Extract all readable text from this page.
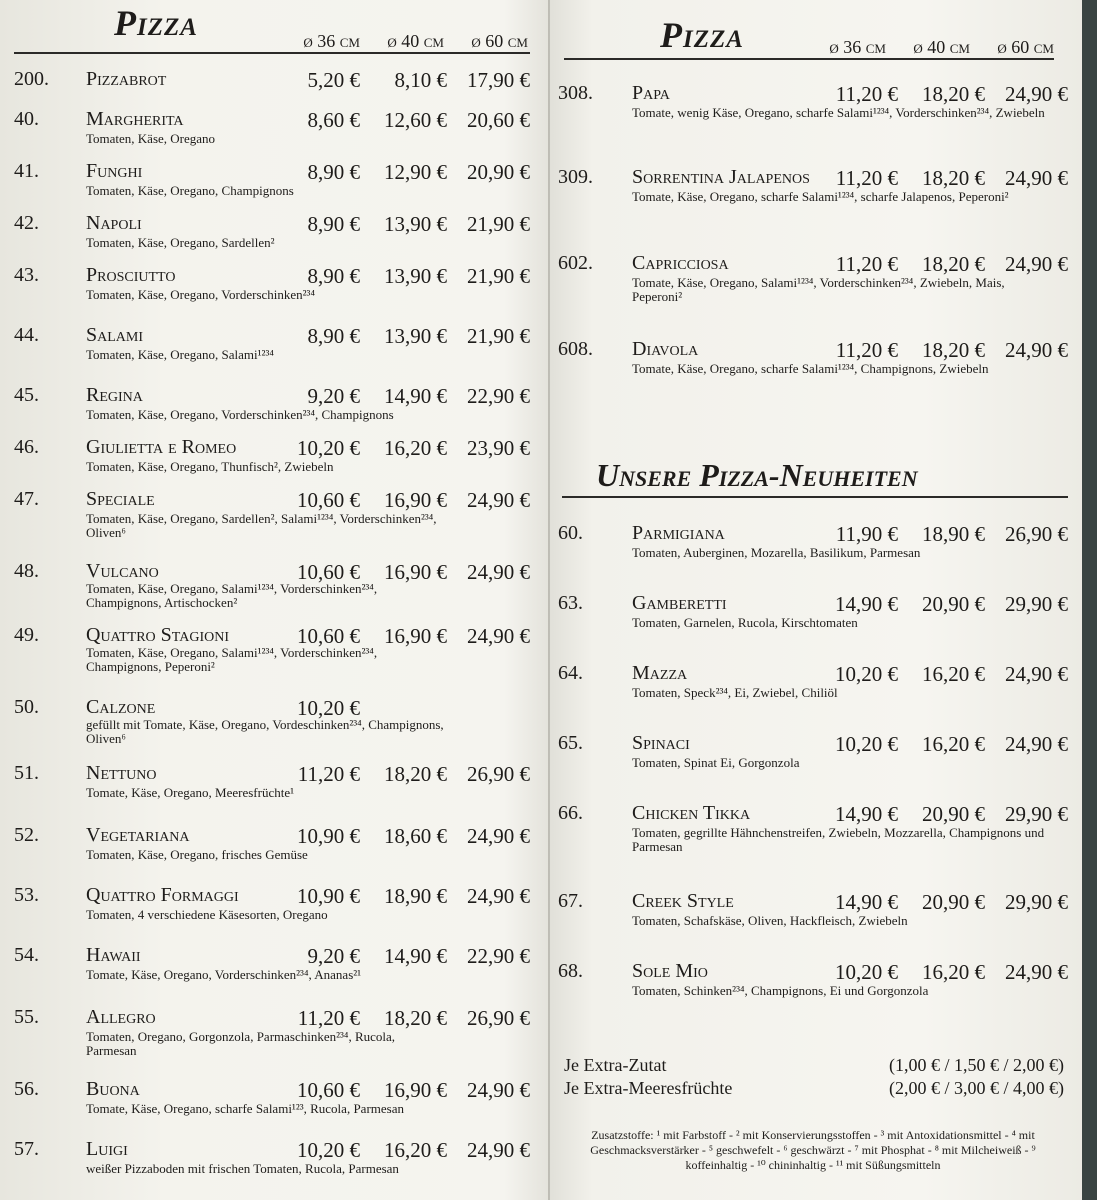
Pizza	ø 36 cm	ø 40 cm	ø 60 cm
200.	Pizzabrot	5,20 €	8,10 € 17,90 €
40.	Margherita
Tomaten, Käse, Oregano
8,60 €	12,60 € 20,60 €
41.	Funghi
Tomaten, Käse, Oregano, Champignons
8,90 €	12,90 € 20,90 €
42.	Napoli
Tomaten, Käse, Oregano, Sardellen²
8,90 €	13,90 € 21,90 €
43.	Prosciutto
Tomaten, Käse, Oregano, Vorderschinken²³⁴
8,90 €	13,90 € 21,90 €
44.	Salami
Tomaten, Käse, Oregano, Salami¹²³⁴
8,90 €	13,90 € 21,90 €
45.	Regina
Tomaten, Käse, Oregano, Vorderschinken²³⁴, Champignons
9,20 €	14,90 € 22,90 €
46.	Giulietta e Romeo
Tomaten, Käse, Oregano, Thunfisch², Zwiebeln
10,20 €	16,20 € 23,90 €
47.	Speciale
Tomaten, Käse, Oregano, Sardellen², Salami¹²³⁴, Vorderschinken²³⁴, Oliven⁶
10,60 €	16,90 € 24,90 €
48.	Vulcano
Tomaten, Käse, Oregano, Salami¹²³⁴, Vorderschinken²³⁴, Champignons, Artischocken²
10,60 €	16,90 € 24,90 €
49.	Quattro Stagioni
Tomaten, Käse, Oregano, Salami¹²³⁴, Vorderschinken²³⁴, Champignons, Peperoni²
10,60 €	16,90 € 24,90 €
50.	Calzone
gefüllt mit Tomate, Käse, Oregano, Vordeschinken²³⁴, Champignons, Oliven⁶
10,20 €
51.	Nettuno
Tomate, Käse, Oregano, Meeresfrüchte¹
11,20 €	18,20 € 26,90 €
52.	Vegetariana
Tomaten, Käse, Oregano, frisches Gemüse
10,90 €	18,60 € 24,90 €
53.	Quattro Formaggi
Tomaten, 4 verschiedene Käsesorten, Oregano
10,90 €	18,90 € 24,90 €
54.	Hawaii
Tomate, Käse, Oregano, Vorderschinken²³⁴, Ananas²¹
9,20 €	14,90 € 22,90 €
55.	Allegro
Tomaten, Oregano, Gorgonzola, Parmaschinken²³⁴, Rucola, Parmesan
11,20 €	18,20 € 26,90 €
56.	Buona
Tomate, Käse, Oregano, scharfe Salami¹²³, Rucola, Parmesan
10,60 €	16,90 € 24,90 €
57.	Luigi
weißer Pizzaboden mit frischen Tomaten, Rucola, Parmesan
10,20 €	16,20 € 24,90 €
Pizza	ø 36 cm	ø 40 cm	ø 60 cm
308.	Papa
Tomate, wenig Käse, Oregano, scharfe Salami¹²³⁴, Vorderschinken²³⁴, Zwiebeln
11,20 €	18,20 € 24,90 €
309.	Sorrentina Jalapenos
Tomate, Käse, Oregano, scharfe Salami¹²³⁴, scharfe Jalapenos, Peperoni²
11,20 €	18,20 € 24,90 €
602.	Capricciosa
Tomate, Käse, Oregano, Salami¹²³⁴, Vorderschinken²³⁴, Zwiebeln, Mais, Peperoni²
11,20 €	18,20 € 24,90 €
608.	Diavola
Tomate, Käse, Oregano, scharfe Salami¹²³⁴, Champignons, Zwiebeln
11,20 €	18,20 € 24,90 €
Unsere Pizza-Neuheiten
60.	Parmigiana
Tomaten, Auberginen, Mozarella, Basilikum, Parmesan
11,90 €	18,90 € 26,90 €
63.	Gamberetti
Tomaten, Garnelen, Rucola, Kirschtomaten
14,90 €	20,90 € 29,90 €
64.	Mazza
Tomaten, Speck²³⁴, Ei, Zwiebel, Chiliöl
10,20 €	16,20 € 24,90 €
65.	Spinaci
Tomaten, Spinat Ei, Gorgonzola
10,20 €	16,20 € 24,90 €
66.	Chicken Tikka
Tomaten, gegrillte Hähnchenstreifen, Zwiebeln, Mozzarella, Champignons und Parmesan
14,90 €	20,90 € 29,90 €
67.	Creek Style
Tomaten, Schafskäse, Oliven, Hackfleisch, Zwiebeln
14,90 €	20,90 € 29,90 €
68.	Sole Mio
Tomaten, Schinken²³⁴, Champignons, Ei und Gorgonzola
10,20 €	16,20 € 24,90 €
Je Extra-Zutat	(1,00 € / 1,50 € / 2,00 €)
Je Extra-Meeresfrüchte	(2,00 € / 3,00 € / 4,00 €)
Zusatzstoffe: ¹ mit Farbstoff - ² mit Konservierungsstoffen - ³ mit Antoxidationsmittel - ⁴ mit Geschmacksverstärker - ⁵ geschwefelt - ⁶ geschwärzt - ⁷ mit Phosphat - ⁸ mit Milcheiweiß - ⁹ koffeinhaltig - ¹⁰ chininhaltig - ¹¹ mit Süßungsmitteln
